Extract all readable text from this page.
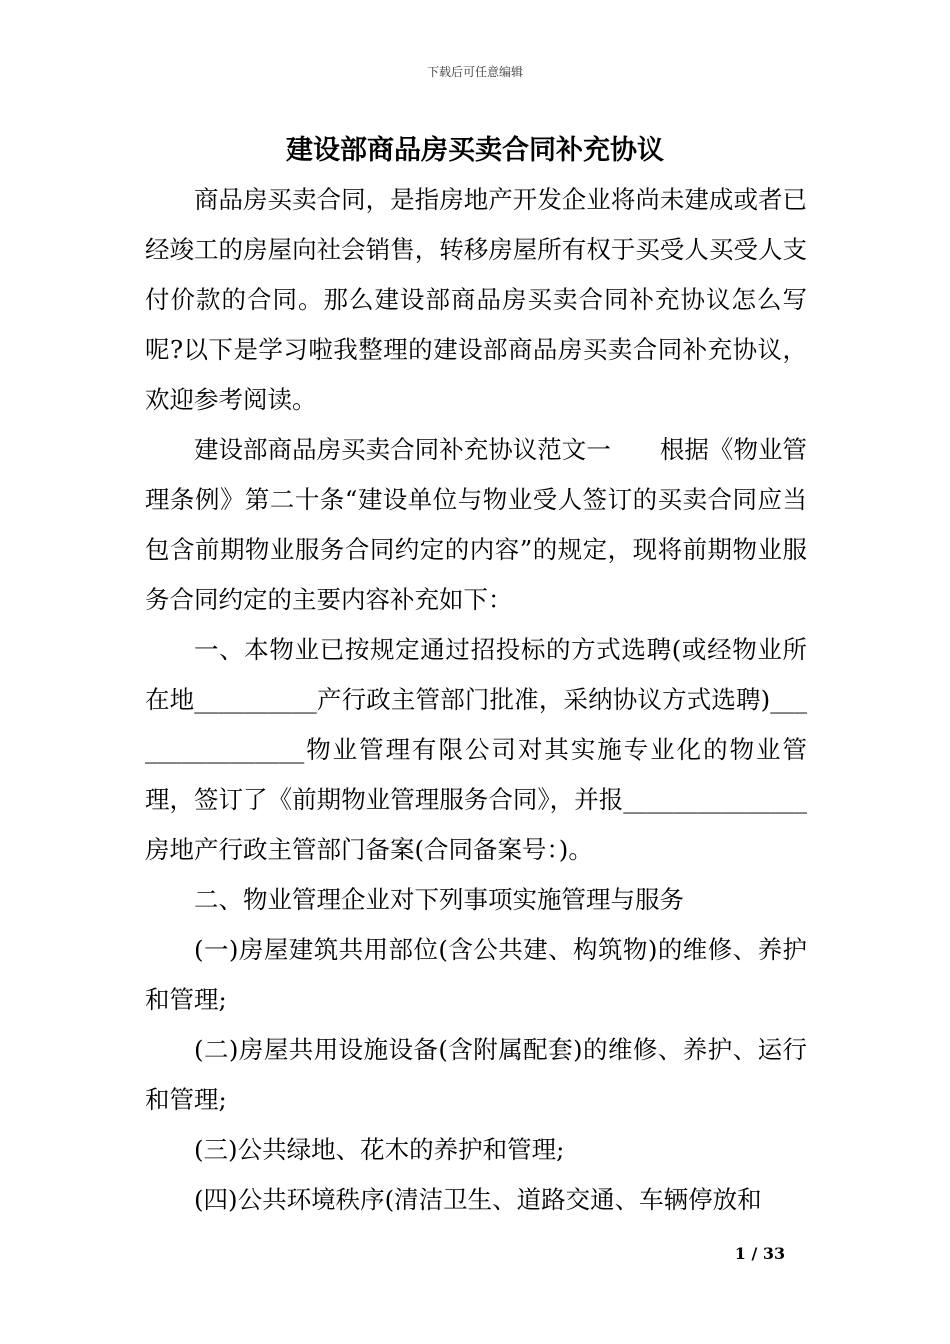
下载后可任意编辑
建设部商品房买卖合同补充协议

商品房买卖合同，是指房地产开发企业将尚未建成或者已经竣工的房屋向社会销售，转移房屋所有权于买受人买受人支付价款的合同。那么建设部商品房买卖合同补充协议怎么写呢?以下是学习啦我整理的建设部商品房买卖合同补充协议，欢迎参考阅读。

建设部商品房买卖合同补充协议范文一　　根据《物业管理条例》第二十条“建设单位与物业受人签订的买卖合同应当包含前期物业服务合同约定的内容”的规定，现将前期物业服务合同约定的主要内容补充如下：

一、本物业已按规定通过招投标的方式选聘(或经物业所在地__________产行政主管部门批准，采纳协议方式选聘)________________物业管理有限公司对其实施专业化的物业管理，签订了《前期物业管理服务合同》，并报_______________房地产行政主管部门备案(合同备案号：)。

二、物业管理企业对下列事项实施管理与服务

(一)房屋建筑共用部位(含公共建、构筑物)的维修、养护和管理;

(二)房屋共用设施设备(含附属配套)的维修、养护、运行和管理;

(三)公共绿地、花木的养护和管理;

(四)公共环境秩序(清洁卫生、道路交通、车辆停放和

1 / 33
